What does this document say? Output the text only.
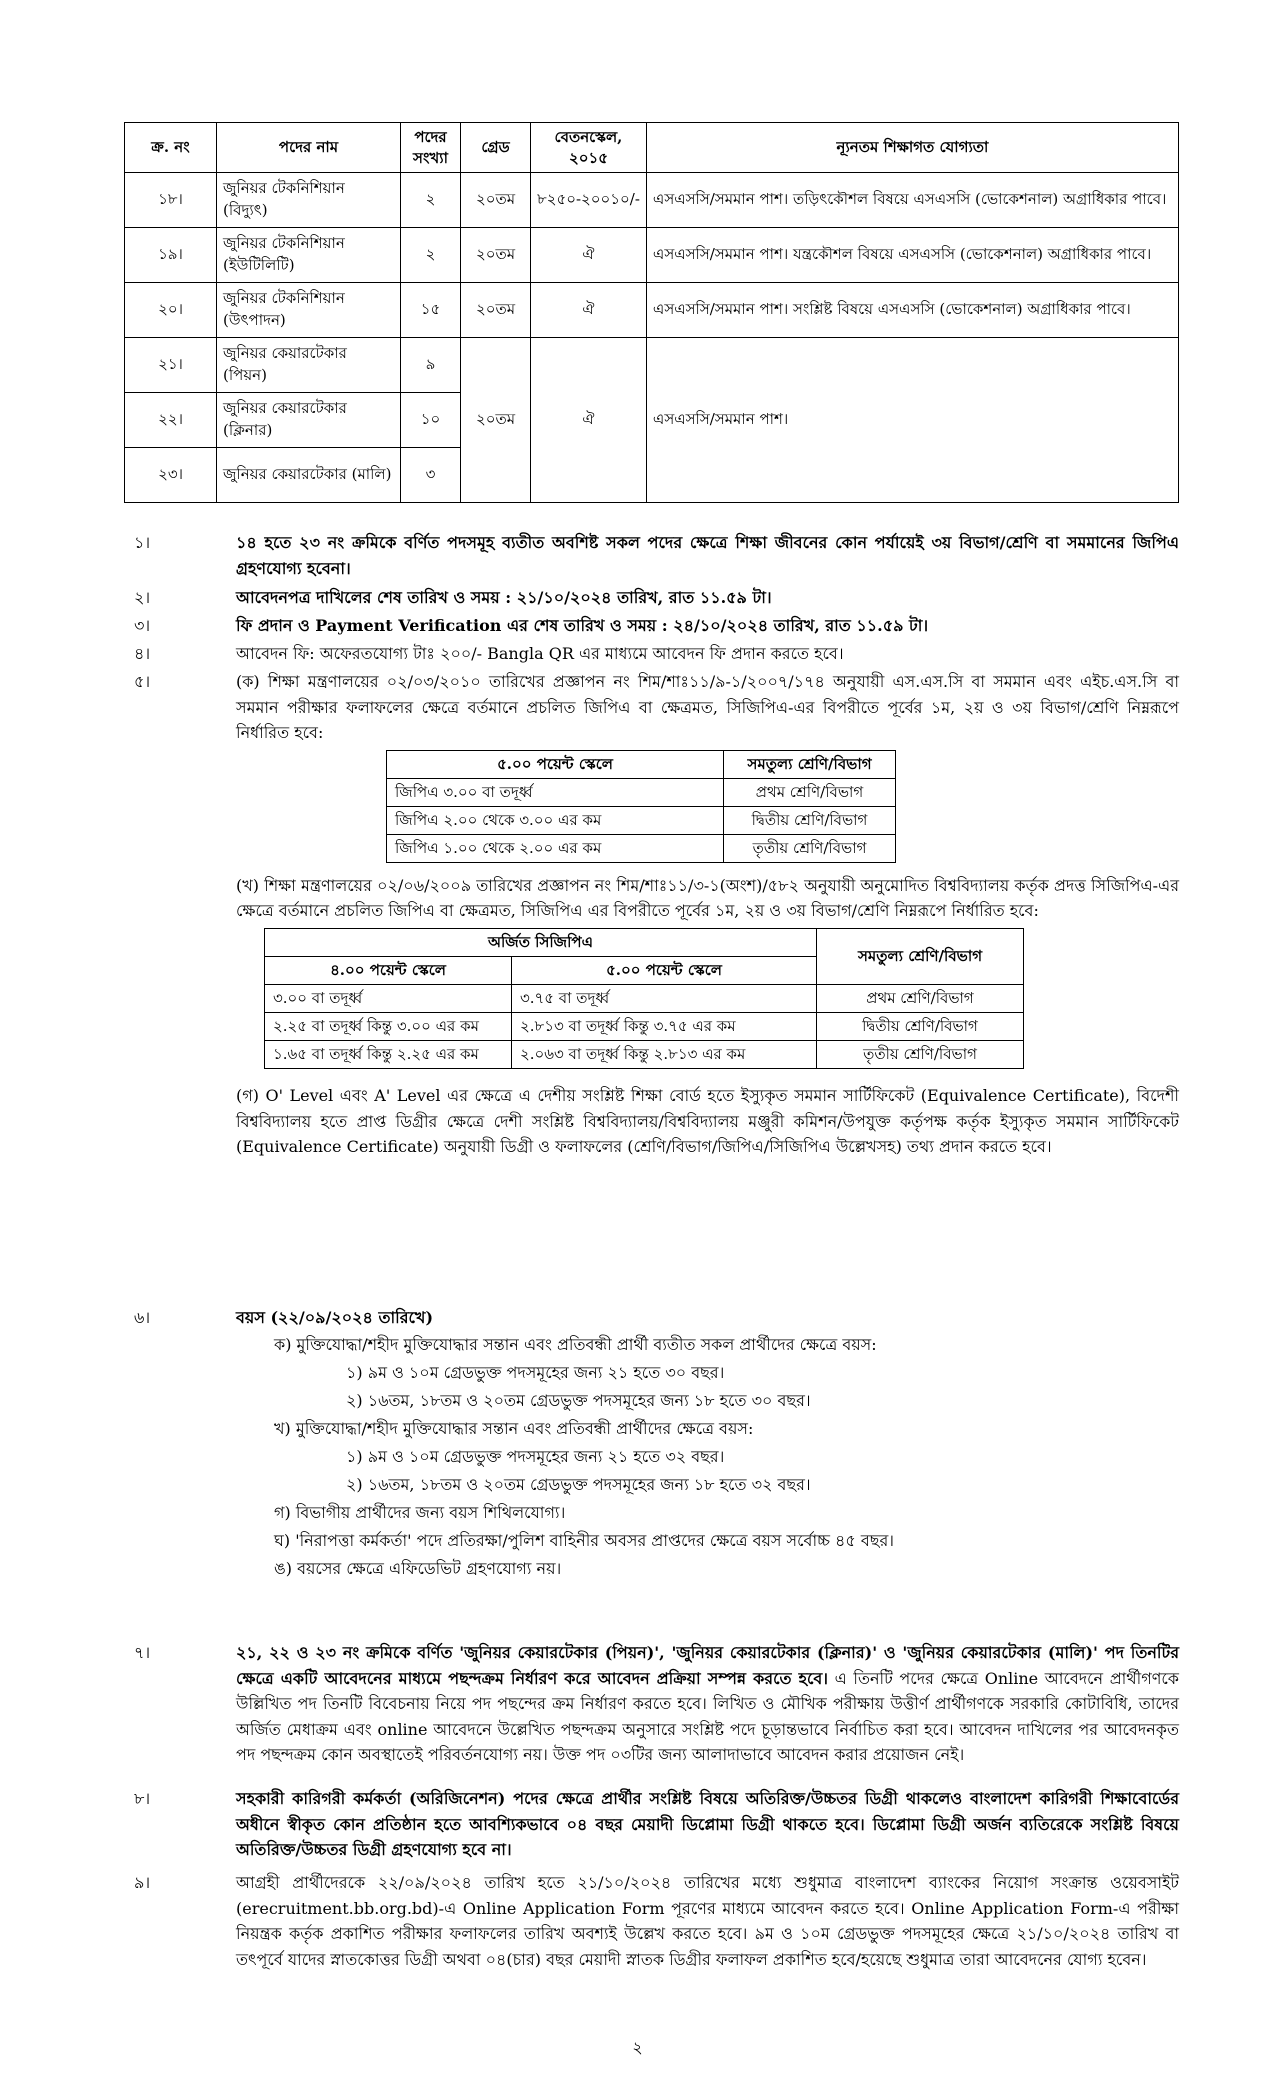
ক্র. নং	পদের নাম	পদের সংখ্যা	গ্রেড	বেতনস্কেল, ২০১৫	ন্যূনতম শিক্ষাগত যোগ্যতা
১৮।	জুনিয়র টেকনিশিয়ান (বিদ্যুৎ)	২	২০তম	৮২৫০-২০০১০/-	এসএসসি/সমমান পাশ। তড়িৎকৌশল বিষয়ে এসএসসি (ভোকেশনাল) অগ্রাধিকার পাবে।
১৯।	জুনিয়র টেকনিশিয়ান (ইউটিলিটি)	২	২০তম	ঐ	এসএসসি/সমমান পাশ। যন্ত্রকৌশল বিষয়ে এসএসসি (ভোকেশনাল) অগ্রাধিকার পাবে।
২০।	জুনিয়র টেকনিশিয়ান (উৎপাদন)	১৫	২০তম	ঐ	এসএসসি/সমমান পাশ। সংশ্লিষ্ট বিষয়ে এসএসসি (ভোকেশনাল) অগ্রাধিকার পাবে।
২১।	জুনিয়র কেয়ারটেকার (পিয়ন)	৯	২০তম	ঐ	এসএসসি/সমমান পাশ।
২২।	জুনিয়র কেয়ারটেকার (ক্লিনার)	১০			
২৩।	জুনিয়র কেয়ারটেকার (মালি)	৩			
১।	১৪ হতে ২৩ নং ক্রমিকে বর্ণিত পদসমূহ ব্যতীত অবশিষ্ট সকল পদের ক্ষেত্রে শিক্ষা জীবনের কোন পর্যায়েই ৩য় বিভাগ/শ্রেণি বা সমমানের জিপিএ গ্রহণযোগ্য হবেনা।
২।	আবেদনপত্র দাখিলের শেষ তারিখ ও সময় : ২১/১০/২০২৪ তারিখ, রাত ১১.৫৯ টা।
৩।	ফি প্রদান ও Payment Verification এর শেষ তারিখ ও সময় : ২৪/১০/২০২৪ তারিখ, রাত ১১.৫৯ টা।
৪।	আবেদন ফি: অফেরতযোগ্য টাঃ ২০০/- Bangla QR এর মাধ্যমে আবেদন ফি প্রদান করতে হবে।
৫।	(ক) শিক্ষা মন্ত্রণালয়ের ০২/০৩/২০১০ তারিখের প্রজ্ঞাপন নং শিম/শাঃ১১/৯-১/২০০৭/১৭৪ অনুযায়ী এস.এস.সি বা সমমান এবং এইচ.এস.সি বা সমমান পরীক্ষার ফলাফলের ক্ষেত্রে বর্তমানে প্রচলিত জিপিএ বা ক্ষেত্রমত, সিজিপিএ-এর বিপরীতে পূর্বের ১ম, ২য় ও ৩য় বিভাগ/শ্রেণি নিম্নরূপে নির্ধারিত হবে:
৫.০০ পয়েন্ট স্কেলে	সমতুল্য শ্রেণি/বিভাগ
জিপিএ ৩.০০ বা তদূর্ধ্ব	প্রথম শ্রেণি/বিভাগ
জিপিএ ২.০০ থেকে ৩.০০ এর কম	দ্বিতীয় শ্রেণি/বিভাগ
জিপিএ ১.০০ থেকে ২.০০ এর কম	তৃতীয় শ্রেণি/বিভাগ
(খ) শিক্ষা মন্ত্রণালয়ের ০২/০৬/২০০৯ তারিখের প্রজ্ঞাপন নং শিম/শাঃ১১/৩-১(অংশ)/৫৮২ অনুযায়ী অনুমোদিত বিশ্ববিদ্যালয় কর্তৃক প্রদত্ত সিজিপিএ-এর ক্ষেত্রে বর্তমানে প্রচলিত জিপিএ বা ক্ষেত্রমত, সিজিপিএ এর বিপরীতে পূর্বের ১ম, ২য় ও ৩য় বিভাগ/শ্রেণি নিম্নরূপে নির্ধারিত হবে:
অর্জিত সিজিপিএ		সমতুল্য শ্রেণি/বিভাগ
৪.০০ পয়েন্ট স্কেলে	৫.০০ পয়েন্ট স্কেলে	
৩.০০ বা তদূর্ধ্ব	৩.৭৫ বা তদূর্ধ্ব	প্রথম শ্রেণি/বিভাগ
২.২৫ বা তদূর্ধ্ব কিন্তু ৩.০০ এর কম	২.৮১৩ বা তদূর্ধ্ব কিন্তু ৩.৭৫ এর কম	দ্বিতীয় শ্রেণি/বিভাগ
১.৬৫ বা তদূর্ধ্ব কিন্তু ২.২৫ এর কম	২.০৬৩ বা তদূর্ধ্ব কিন্তু ২.৮১৩ এর কম	তৃতীয় শ্রেণি/বিভাগ
(গ) O' Level এবং A' Level এর ক্ষেত্রে এ দেশীয় সংশ্লিষ্ট শিক্ষা বোর্ড হতে ইস্যুকৃত সমমান সার্টিফিকেট (Equivalence Certificate), বিদেশী বিশ্ববিদ্যালয় হতে প্রাপ্ত ডিগ্রীর ক্ষেত্রে দেশী সংশ্লিষ্ট বিশ্ববিদ্যালয়/বিশ্ববিদ্যালয় মঞ্জুরী কমিশন/উপযুক্ত কর্তৃপক্ষ কর্তৃক ইস্যুকৃত সমমান সার্টিফিকেট (Equivalence Certificate) অনুযায়ী ডিগ্রী ও ফলাফলের (শ্রেণি/বিভাগ/জিপিএ/সিজিপিএ উল্লেখসহ) তথ্য প্রদান করতে হবে।
৬।	বয়স (২২/০৯/২০২৪ তারিখে)
ক) মুক্তিযোদ্ধা/শহীদ মুক্তিযোদ্ধার সন্তান এবং প্রতিবন্ধী প্রার্থী ব্যতীত সকল প্রার্থীদের ক্ষেত্রে বয়স:
১) ৯ম ও ১০ম গ্রেডভুক্ত পদসমূহের জন্য ২১ হতে ৩০ বছর।
২) ১৬তম, ১৮তম ও ২০তম গ্রেডভুক্ত পদসমূহের জন্য ১৮ হতে ৩০ বছর।
খ) মুক্তিযোদ্ধা/শহীদ মুক্তিযোদ্ধার সন্তান এবং প্রতিবন্ধী প্রার্থীদের ক্ষেত্রে বয়স:
১) ৯ম ও ১০ম গ্রেডভুক্ত পদসমূহের জন্য ২১ হতে ৩২ বছর।
২) ১৬তম, ১৮তম ও ২০তম গ্রেডভুক্ত পদসমূহের জন্য ১৮ হতে ৩২ বছর।
গ) বিভাগীয় প্রার্থীদের জন্য বয়স শিথিলযোগ্য।
ঘ) 'নিরাপত্তা কর্মকর্তা' পদে প্রতিরক্ষা/পুলিশ বাহিনীর অবসর প্রাপ্তদের ক্ষেত্রে বয়স সর্বোচ্চ ৪৫ বছর।
ঙ) বয়সের ক্ষেত্রে এফিডেভিট গ্রহণযোগ্য নয়।
৭।	২১, ২২ ও ২৩ নং ক্রমিকে বর্ণিত 'জুনিয়র কেয়ারটেকার (পিয়ন)', 'জুনিয়র কেয়ারটেকার (ক্লিনার)' ও 'জুনিয়র কেয়ারটেকার (মালি)' পদ তিনটির ক্ষেত্রে একটি আবেদনের মাধ্যমে পছন্দক্রম নির্ধারণ করে আবেদন প্রক্রিয়া সম্পন্ন করতে হবে। এ তিনটি পদের ক্ষেত্রে Online আবেদনে প্রার্থীগণকে উল্লিখিত পদ তিনটি বিবেচনায় নিয়ে পদ পছন্দের ক্রম নির্ধারণ করতে হবে। লিখিত ও মৌখিক পরীক্ষায় উত্তীর্ণ প্রার্থীগণকে সরকারি কোটাবিধি, তাদের অর্জিত মেধাক্রম এবং online আবেদনে উল্লেখিত পছন্দক্রম অনুসারে সংশ্লিষ্ট পদে চূড়ান্তভাবে নির্বাচিত করা হবে। আবেদন দাখিলের পর আবেদনকৃত পদ পছন্দক্রম কোন অবস্থাতেই পরিবর্তনযোগ্য নয়। উক্ত পদ ০৩টির জন্য আলাদাভাবে আবেদন করার প্রয়োজন নেই।
৮।	সহকারী কারিগরী কর্মকর্তা (অরিজিনেশন) পদের ক্ষেত্রে প্রার্থীর সংশ্লিষ্ট বিষয়ে অতিরিক্ত/উচ্চতর ডিগ্রী থাকলেও বাংলাদেশ কারিগরী শিক্ষাবোর্ডের অধীনে স্বীকৃত কোন প্রতিষ্ঠান হতে আবশ্যিকভাবে ০৪ বছর মেয়াদী ডিপ্লোমা ডিগ্রী থাকতে হবে। ডিপ্লোমা ডিগ্রী অর্জন ব্যতিরেকে সংশ্লিষ্ট বিষয়ে অতিরিক্ত/উচ্চতর ডিগ্রী গ্রহণযোগ্য হবে না।
৯।	আগ্রহী প্রার্থীদেরকে ২২/০৯/২০২৪ তারিখ হতে ২১/১০/২০২৪ তারিখের মধ্যে শুধুমাত্র বাংলাদেশ ব্যাংকের নিয়োগ সংক্রান্ত ওয়েবসাইট (erecruitment.bb.org.bd)-এ Online Application Form পূরণের মাধ্যমে আবেদন করতে হবে। Online Application Form-এ পরীক্ষা নিয়ন্ত্রক কর্তৃক প্রকাশিত পরীক্ষার ফলাফলের তারিখ অবশ্যই উল্লেখ করতে হবে। ৯ম ও ১০ম গ্রেডভুক্ত পদসমূহের ক্ষেত্রে ২১/১০/২০২৪ তারিখ বা তৎপূর্বে যাদের স্নাতকোত্তর ডিগ্রী অথবা ০৪(চার) বছর মেয়াদী স্নাতক ডিগ্রীর ফলাফল প্রকাশিত হবে/হয়েছে শুধুমাত্র তারা আবেদনের যোগ্য হবেন।
২
